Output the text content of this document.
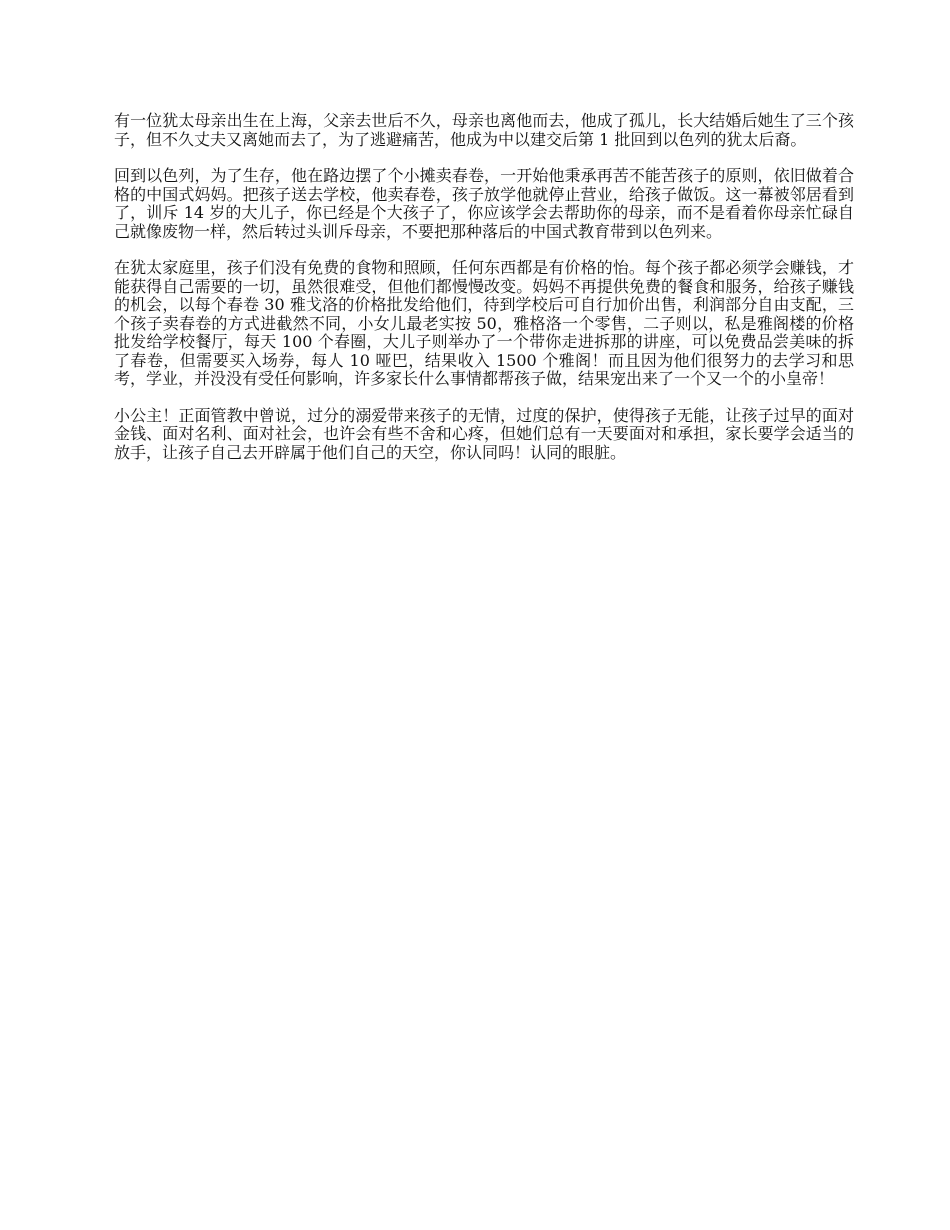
有一位犹太母亲出生在上海，父亲去世后不久，母亲也离他而去，他成了孤儿，长大结婚后她生了三个孩子，但不久丈夫又离她而去了，为了逃避痛苦，他成为中以建交后第 1 批回到以色列的犹太后裔。

回到以色列，为了生存，他在路边摆了个小摊卖春卷，一开始他秉承再苦不能苦孩子的原则，依旧做着合格的中国式妈妈。把孩子送去学校，他卖春卷，孩子放学他就停止营业，给孩子做饭。这一幕被邻居看到了，训斥 14 岁的大儿子，你已经是个大孩子了，你应该学会去帮助你的母亲，而不是看着你母亲忙碌自己就像废物一样，然后转过头训斥母亲，不要把那种落后的中国式教育带到以色列来。

在犹太家庭里，孩子们没有免费的食物和照顾，任何东西都是有价格的怡。每个孩子都必须学会赚钱，才能获得自己需要的一切，虽然很难受，但他们都慢慢改变。妈妈不再提供免费的餐食和服务，给孩子赚钱的机会，以每个春卷 30 雅戈洛的价格批发给他们，待到学校后可自行加价出售，利润部分自由支配，三个孩子卖春卷的方式进截然不同，小女儿最老实按 50，雅格洛一个零售，二子则以，私是雅阁楼的价格批发给学校餐厅，每天 100 个春圈，大儿子则举办了一个带你走进拆那的讲座，可以免费品尝美味的拆了春卷，但需要买入场券，每人 10 哑巴，结果收入 1500 个雅阁！而且因为他们很努力的去学习和思考，学业，并没没有受任何影响，许多家长什么事情都帮孩子做，结果宠出来了一个又一个的小皇帝！

小公主！正面管教中曾说，过分的溺爱带来孩子的无情，过度的保护，使得孩子无能，让孩子过早的面对金钱、面对名利、面对社会，也许会有些不舍和心疼，但她们总有一天要面对和承担，家长要学会适当的放手，让孩子自己去开辟属于他们自己的天空，你认同吗！认同的眼脏。
